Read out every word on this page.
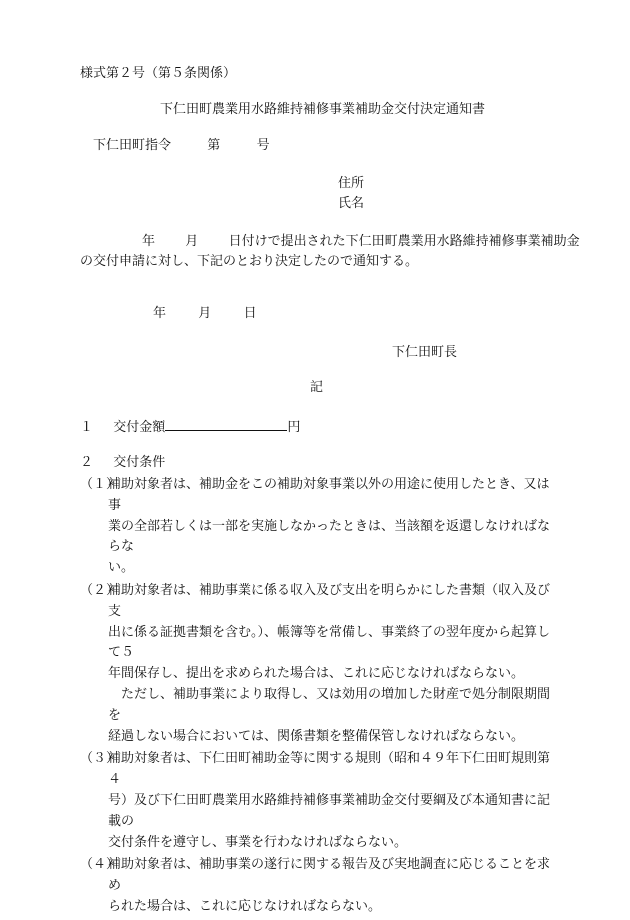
様式第２号（第５条関係）
下仁田町農業用水路維持補修事業補助金交付決定通知書
下仁田町指令	第	号
住所
氏名
年 月 日付けで提出された下仁田町農業用水路維持補修事業補助金
の交付申請に対し、下記のとおり決定したので通知する。
年 月 日
下仁田町長
記
１ 交付金額	円
２ 交付条件
（１）
補助対象者は、補助金をこの補助対象事業以外の用途に使用したとき、又は事
業の全部若しくは一部を実施しなかったときは、当該額を返還しなければならな
い。
（２）
補助対象者は、補助事業に係る収入及び支出を明らかにした書類（収入及び支
出に係る証拠書類を含む。）、帳簿等を常備し、事業終了の翌年度から起算して５
年間保存し、提出を求められた場合は、これに応じなければならない。
ただし、補助事業により取得し、又は効用の増加した財産で処分制限期間を
経過しない場合においては、関係書類を整備保管しなければならない。
（３）
補助対象者は、下仁田町補助金等に関する規則（昭和４９年下仁田町規則第４
号）及び下仁田町農業用水路維持補修事業補助金交付要綱及び本通知書に記載の
交付条件を遵守し、事業を行わなければならない。
（４）
補助対象者は、補助事業の遂行に関する報告及び実地調査に応じることを求め
られた場合は、これに応じなければならない。
